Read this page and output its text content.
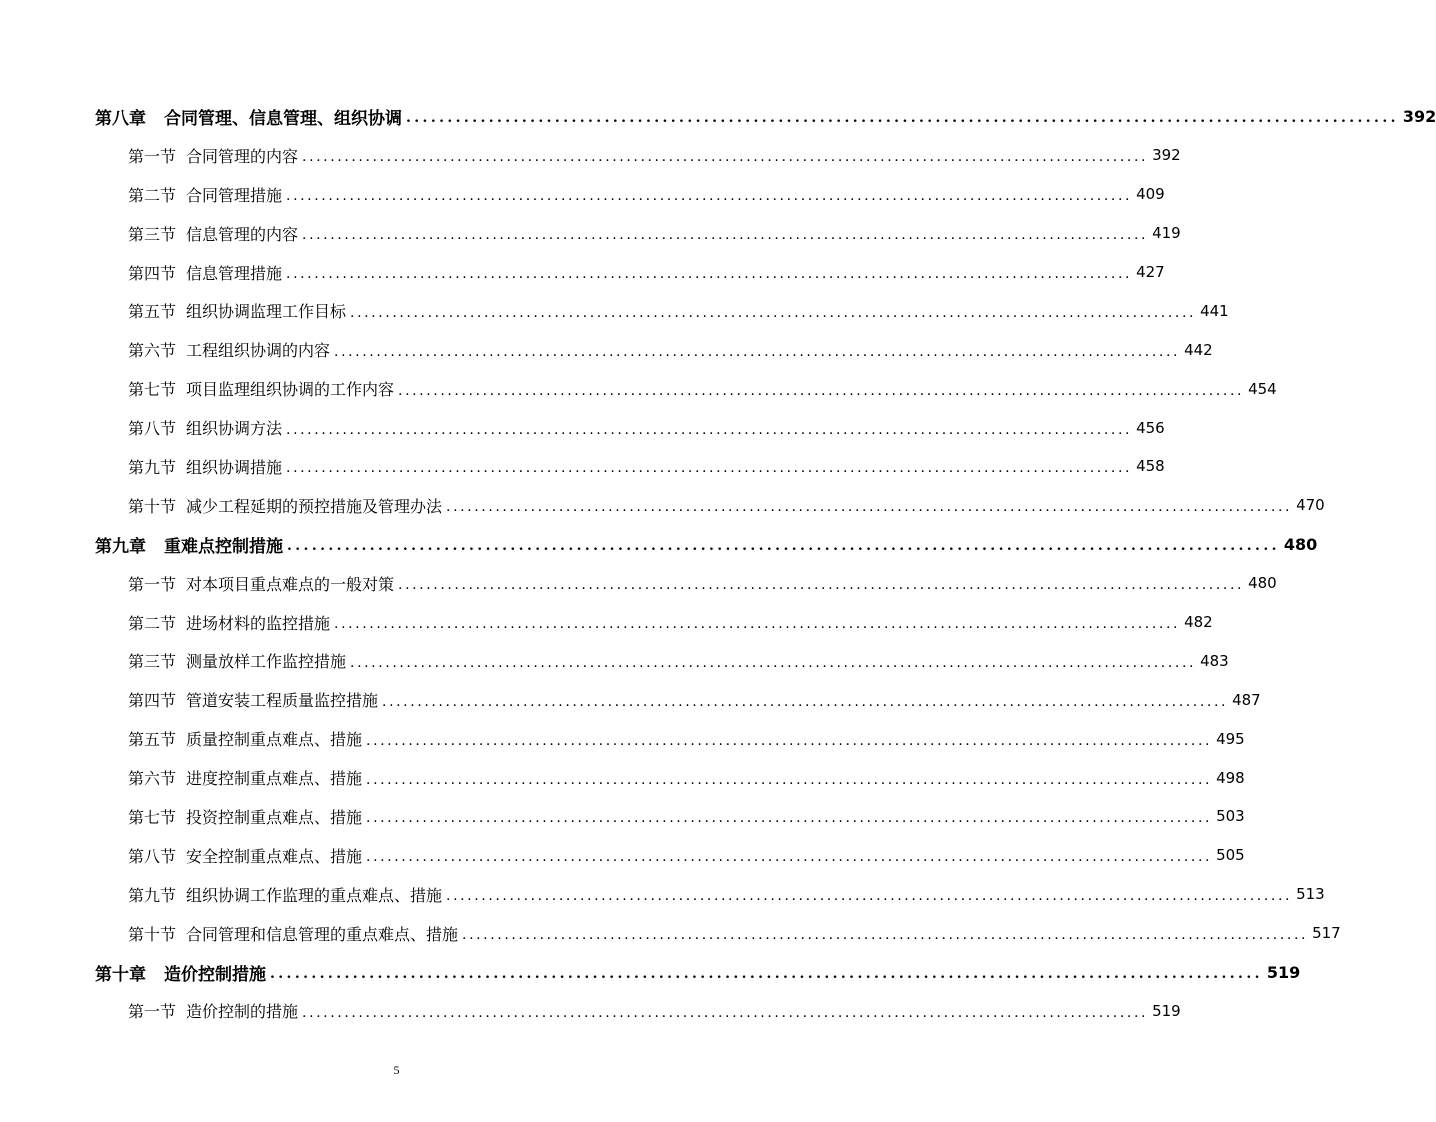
第八章 合同管理、信息管理、组织协调 ........................................................................................................................ 392
第一节 合同管理的内容 ........................................................................................................................ 392
第二节 合同管理措施 ........................................................................................................................ 409
第三节 信息管理的内容 ........................................................................................................................ 419
第四节 信息管理措施 ........................................................................................................................ 427
第五节 组织协调监理工作目标 ........................................................................................................................ 441
第六节 工程组织协调的内容 ........................................................................................................................ 442
第七节 项目监理组织协调的工作内容 ........................................................................................................................ 454
第八节 组织协调方法 ........................................................................................................................ 456
第九节 组织协调措施 ........................................................................................................................ 458
第十节 减少工程延期的预控措施及管理办法 ........................................................................................................................ 470
第九章 重难点控制措施 ........................................................................................................................ 480
第一节 对本项目重点难点的一般对策 ........................................................................................................................ 480
第二节 进场材料的监控措施 ........................................................................................................................ 482
第三节 测量放样工作监控措施 ........................................................................................................................ 483
第四节 管道安装工程质量监控措施 ........................................................................................................................ 487
第五节 质量控制重点难点、措施 ........................................................................................................................ 495
第六节 进度控制重点难点、措施 ........................................................................................................................ 498
第七节 投资控制重点难点、措施 ........................................................................................................................ 503
第八节 安全控制重点难点、措施 ........................................................................................................................ 505
第九节 组织协调工作监理的重点难点、措施 ........................................................................................................................ 513
第十节 合同管理和信息管理的重点难点、措施 ........................................................................................................................ 517
第十章 造价控制措施 ........................................................................................................................ 519
第一节 造价控制的措施 ........................................................................................................................ 519
5
